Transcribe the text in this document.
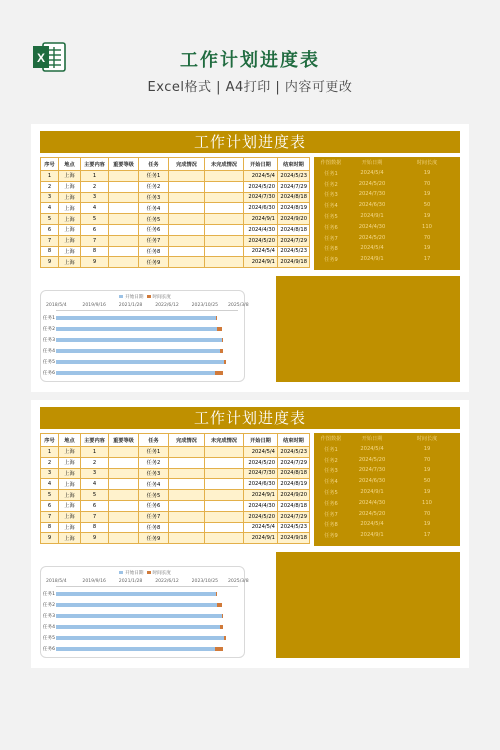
X	工作计划进度表
Excel格式 | A4打印 | 内容可更改
工作计划进度表
序号	地点	主要内容	重要等级	任务	完成情况	未完成情况	开始日期	结束时期
1	上海	1		任务1			2024/5/4	2024/5/23
2	上海	2		任务2			2024/5/20	2024/7/29
3	上海	3		任务3			2024/7/30	2024/8/18
4	上海	4		任务4			2024/6/30	2024/8/19
5	上海	5		任务5			2024/9/1	2024/9/20
6	上海	6		任务6			2024/4/30	2024/8/18
7	上海	7		任务7			2024/5/20	2024/7/29
8	上海	8		任务8			2024/5/4	2024/5/23
9	上海	9		任务9			2024/9/1	2024/9/18
作图数据	开始日期	时间长度
任务1	2024/5/4	19
任务2	2024/5/20	70
任务3	2024/7/30	19
任务4	2024/6/30	50
任务5	2024/9/1	19
任务6	2024/4/30	110
任务7	2024/5/20	70
任务8	2024/5/4	19
任务9	2024/9/1	17
开始日期 时间长度
2018/5/4	2019/9/16	2021/1/28	2022/6/12	2023/10/25 2025/3/8
任务1
任务2
任务3
任务4
任务5
任务6
工作计划进度表
序号	地点	主要内容	重要等级	任务	完成情况	未完成情况	开始日期	结束时期
1	上海	1		任务1			2024/5/4	2024/5/23
2	上海	2		任务2			2024/5/20	2024/7/29
3	上海	3		任务3			2024/7/30	2024/8/18
4	上海	4		任务4			2024/6/30	2024/8/19
5	上海	5		任务5			2024/9/1	2024/9/20
6	上海	6		任务6			2024/4/30	2024/8/18
7	上海	7		任务7			2024/5/20	2024/7/29
8	上海	8		任务8			2024/5/4	2024/5/23
9	上海	9		任务9			2024/9/1	2024/9/18
作图数据	开始日期	时间长度
任务1	2024/5/4	19
任务2	2024/5/20	70
任务3	2024/7/30	19
任务4	2024/6/30	50
任务5	2024/9/1	19
任务6	2024/4/30	110
任务7	2024/5/20	70
任务8	2024/5/4	19
任务9	2024/9/1	17
开始日期 时间长度
2018/5/4	2019/9/16	2021/1/28	2022/6/12	2023/10/25 2025/3/8
任务1
任务2
任务3
任务4
任务5
任务6
